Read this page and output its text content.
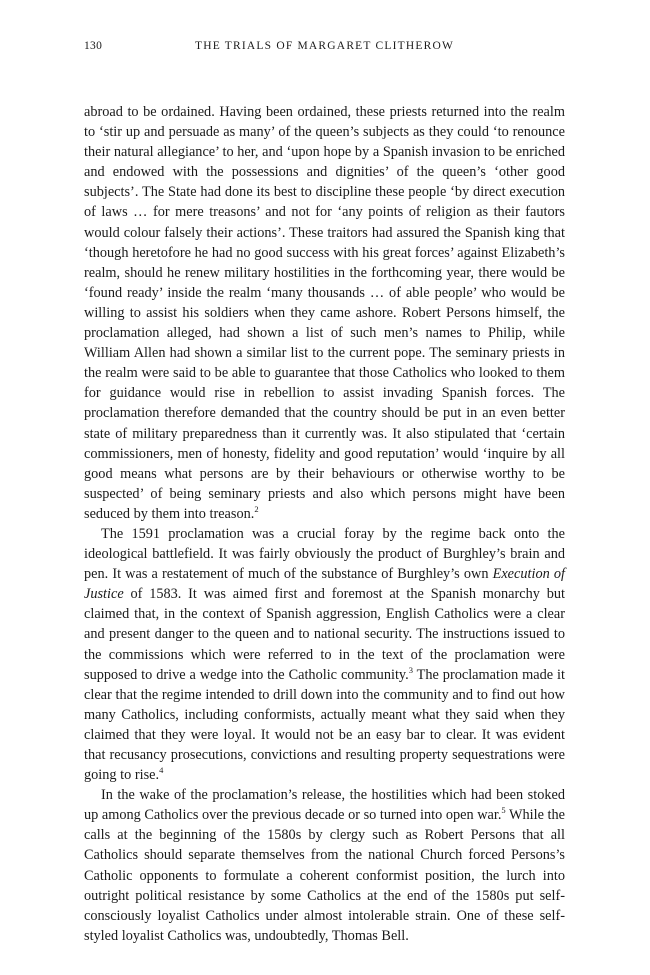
130	THE TRIALS OF MARGARET CLITHEROW

abroad to be ordained. Having been ordained, these priests returned into the realm to ‘stir up and persuade as many’ of the queen’s subjects as they could ‘to renounce their natural allegiance’ to her, and ‘upon hope by a Spanish invasion to be enriched and endowed with the possessions and dignities’ of the queen’s ‘other good subjects’. The State had done its best to discipline these people ‘by direct execution of laws … for mere treasons’ and not for ‘any points of religion as their fautors would colour falsely their actions’. These traitors had assured the Spanish king that ‘though heretofore he had no good success with his great forces’ against Elizabeth’s realm, should he renew military hostilities in the forthcoming year, there would be ‘found ready’ inside the realm ‘many thousands … of able people’ who would be willing to assist his soldiers when they came ashore. Robert Persons himself, the proclamation alleged, had shown a list of such men’s names to Philip, while William Allen had shown a similar list to the current pope. The seminary priests in the realm were said to be able to guarantee that those Catholics who looked to them for guidance would rise in rebellion to assist invading Spanish forces. The proclamation therefore demanded that the country should be put in an even better state of military preparedness than it currently was. It also stipulated that ‘certain commissioners, men of honesty, fidelity and good reputation’ would ‘inquire by all good means what persons are by their behaviours or otherwise worthy to be suspected’ of being seminary priests and also which persons might have been seduced by them into treason.$^2$

The 1591 proclamation was a crucial foray by the regime back onto the ideological battlefield. It was fairly obviously the product of Burghley’s brain and pen. It was a restatement of much of the substance of Burghley’s own Execution of Justice of 1583. It was aimed first and foremost at the Spanish monarchy but claimed that, in the context of Spanish aggression, English Catholics were a clear and present danger to the queen and to national security. The instructions issued to the commissions which were referred to in the text of the proclamation were supposed to drive a wedge into the Catholic community.$^3$ The proclamation made it clear that the regime intended to drill down into the community and to find out how many Catholics, including conformists, actually meant what they said when they claimed that they were loyal. It would not be an easy bar to clear. It was evident that recusancy prosecutions, convictions and resulting property sequestrations were going to rise.$^4$

In the wake of the proclamation’s release, the hostilities which had been stoked up among Catholics over the previous decade or so turned into open war.$^5$ While the calls at the beginning of the 1580s by clergy such as Robert Persons that all Catholics should separate themselves from the national Church forced Persons’s Catholic opponents to formulate a coherent conformist position, the lurch into outright political resistance by some Catholics at the end of the 1580s put self-consciously loyalist Catholics under almost intolerable strain. One of these self-styled loyalist Catholics was, undoubtedly, Thomas Bell.
